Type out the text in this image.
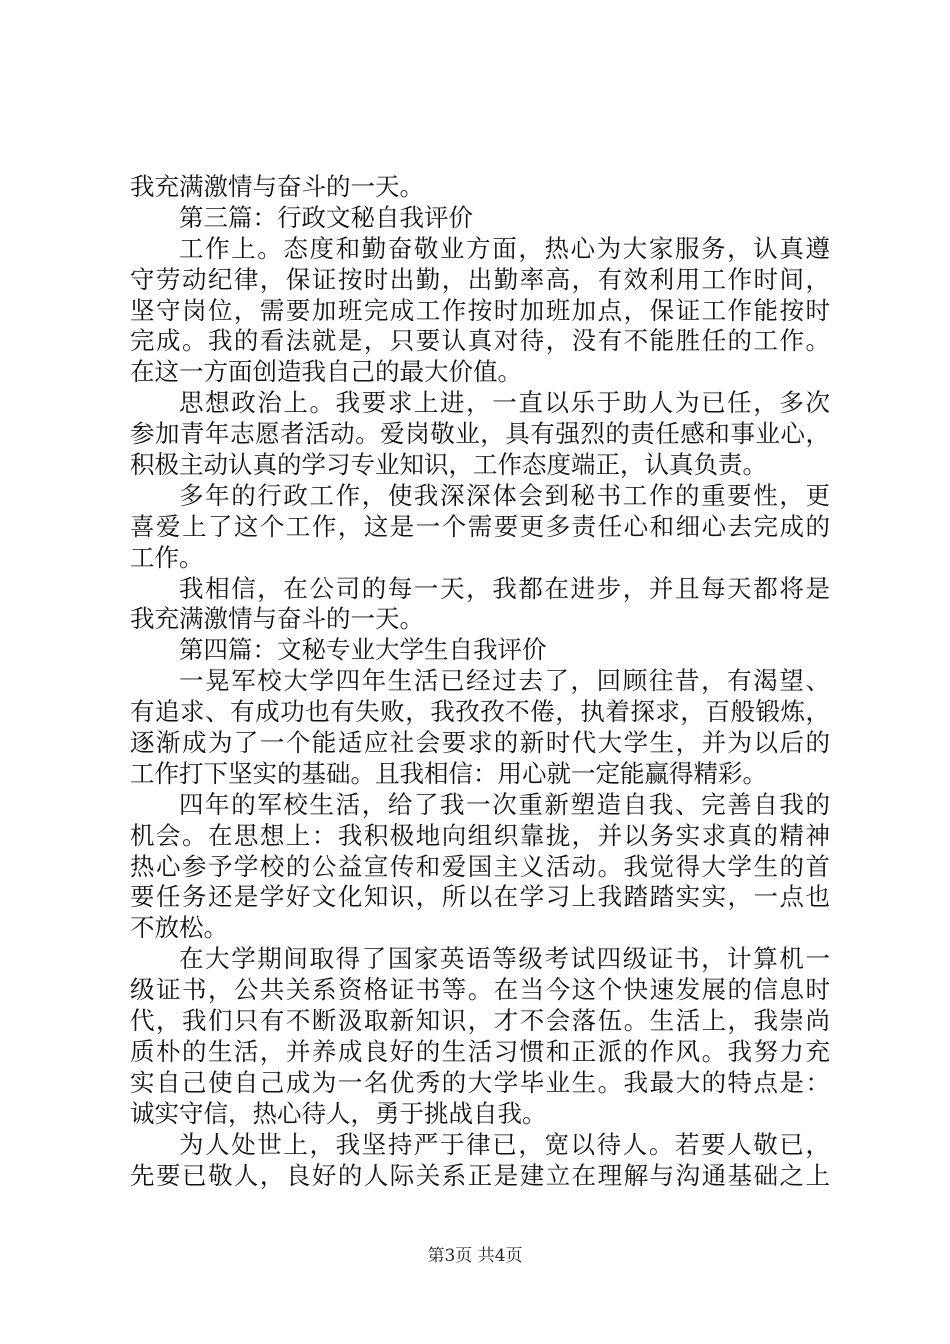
我充满激情与奋斗的一天。
第三篇：行政文秘自我评价
工作上。态度和勤奋敬业方面，热心为大家服务，认真遵
守劳动纪律，保证按时出勤，出勤率高，有效利用工作时间，
坚守岗位，需要加班完成工作按时加班加点，保证工作能按时
完成。我的看法就是，只要认真对待，没有不能胜任的工作。
在这一方面创造我自己的最大价值。
思想政治上。我要求上进，一直以乐于助人为已任，多次
参加青年志愿者活动。爱岗敬业，具有强烈的责任感和事业心，
积极主动认真的学习专业知识，工作态度端正，认真负责。
多年的行政工作，使我深深体会到秘书工作的重要性，更
喜爱上了这个工作，这是一个需要更多责任心和细心去完成的
工作。
我相信，在公司的每一天，我都在进步，并且每天都将是
我充满激情与奋斗的一天。
第四篇：文秘专业大学生自我评价
一晃军校大学四年生活已经过去了，回顾往昔，有渴望、
有追求、有成功也有失败，我孜孜不倦，执着探求，百般锻炼，
逐渐成为了一个能适应社会要求的新时代大学生，并为以后的
工作打下坚实的基础。且我相信：用心就一定能赢得精彩。
四年的军校生活，给了我一次重新塑造自我、完善自我的
机会。在思想上：我积极地向组织靠拢，并以务实求真的精神
热心参予学校的公益宣传和爱国主义活动。我觉得大学生的首
要任务还是学好文化知识，所以在学习上我踏踏实实，一点也
不放松。
在大学期间取得了国家英语等级考试四级证书，计算机一
级证书，公共关系资格证书等。在当今这个快速发展的信息时
代，我们只有不断汲取新知识，才不会落伍。生活上，我崇尚
质朴的生活，并养成良好的生活习惯和正派的作风。我努力充
实自己使自己成为一名优秀的大学毕业生。我最大的特点是：
诚实守信，热心待人，勇于挑战自我。
为人处世上，我坚持严于律已，宽以待人。若要人敬已，
先要已敬人，良好的人际关系正是建立在理解与沟通基础之上
第3页 共4页
